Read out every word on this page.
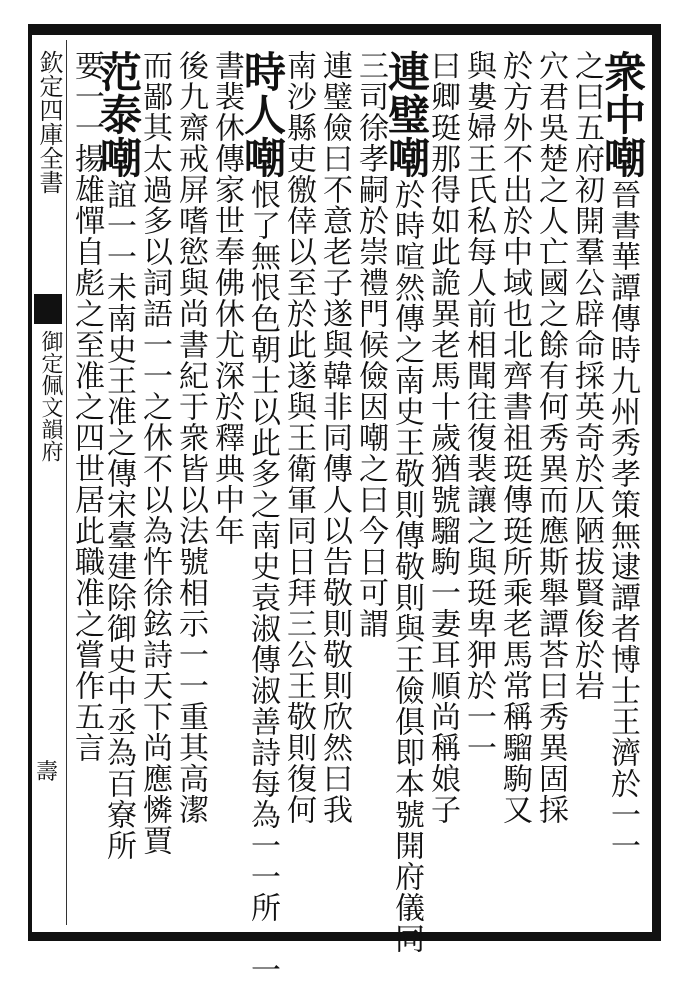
欽定四庫全書
御定佩文韻府
壽
衆中嘲晉書華譚傳時九州秀孝策無逮譚者博士王濟於一一
之曰五府初開羣公辟命採英奇於仄陋拔賢俊於岩
穴君吳楚之人亡國之餘有何秀異而應斯舉譚荅曰秀異固採
於方外不出於中域也北齊書祖珽傳珽所乘老馬常稱騮駒又
與婁婦王氏私每人前相聞往復裴讓之與珽卑狎於一一
曰卿珽那得如此詭異老馬十歲猶號騮駒一妻耳順尚稱娘子
連璧嘲於時喧然傳之南史王敬則傳敬則與王儉俱即本號開府儀同
三司徐孝嗣於崇禮門候儉因嘲之曰今日可謂
連璧儉曰不意老子遂與韓非同傳人以告敬則敬則欣然曰我
南沙縣吏徼倖以至於此遂與王衛軍同日拜三公王敬則復何
時人嘲恨了無恨色朝士以此多之南史袁淑傳淑善詩每為一一所一一
書裴休傳家世奉佛休尤深於釋典中年
後九齋戒屏嗜慾與尚書紀于衆皆以法號相示一一重其高潔
而鄙其太過多以詞語一一之休不以為忤徐鉉詩天下尚應憐賈
范泰嘲誼一一未南史王准之傳宋臺建除御史中丞為百寮所
要一一揚雄憚自彪之至准之四世居此職准之嘗作五言
